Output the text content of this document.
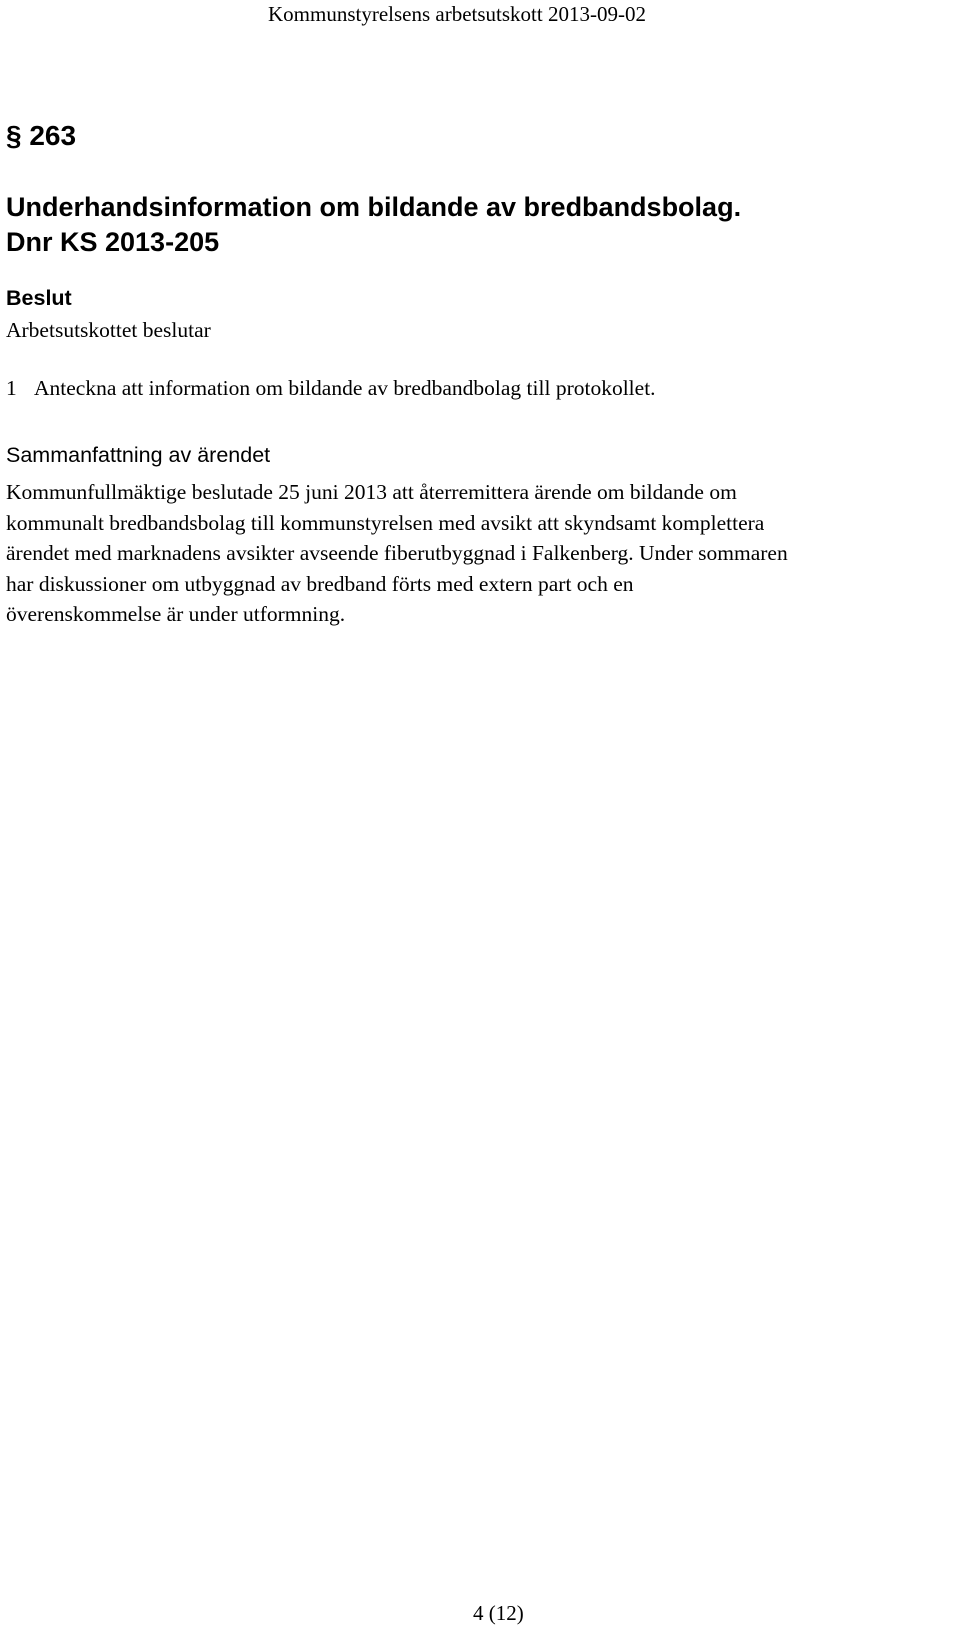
Kommunstyrelsens arbetsutskott 2013-09-02
§ 263
Underhandsinformation om bildande av bredbandsbolag.
Dnr KS 2013-205
Beslut
Arbetsutskottet beslutar
1 Anteckna att information om bildande av bredbandbolag till protokollet.
Sammanfattning av ärendet
Kommunfullmäktige beslutade 25 juni 2013 att återremittera ärende om bildande om
kommunalt bredbandsbolag till kommunstyrelsen med avsikt att skyndsamt komplettera
ärendet med marknadens avsikter avseende fiberutbyggnad i Falkenberg. Under sommaren
har diskussioner om utbyggnad av bredband förts med extern part och en
överenskommelse är under utformning.
4 (12)
